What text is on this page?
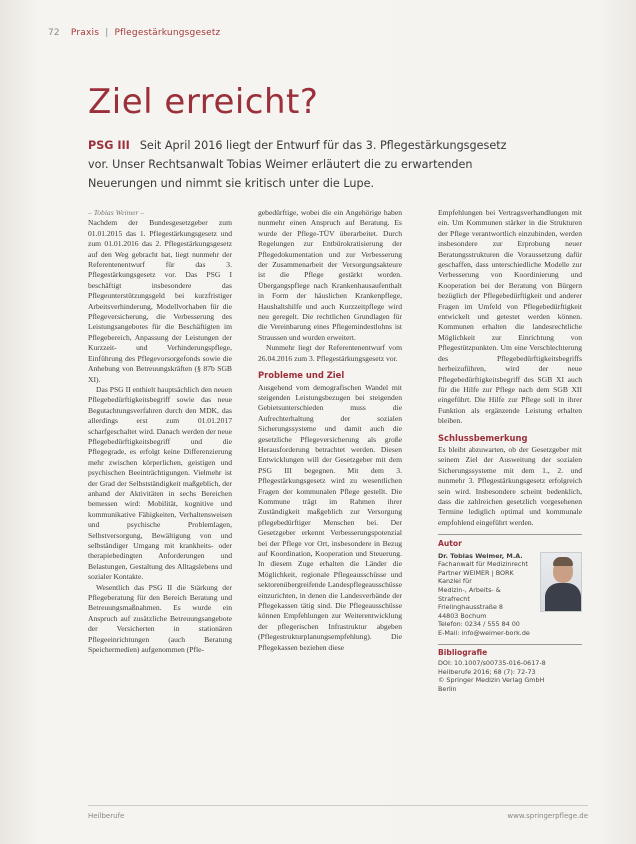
72 Praxis | Pflegestärkungsgesetz
Ziel erreicht?
PSG III Seit April 2016 liegt der Entwurf für das 3. Pflegestärkungsgesetz vor. Unser Rechtsanwalt Tobias Weimer erläutert die zu erwartenden Neuerungen und nimmt sie kritisch unter die Lupe.

– Tobias Weimer –

Nachdem der Bundesgesetzgeber zum 01.01.2015 das 1. Pflegestärkungsgesetz und zum 01.01.2016 das 2. Pflegestärkungsgesetz auf den Weg gebracht hat, liegt nunmehr der Referentenentwurf für das 3. Pflegestärkungsgesetz vor. Das PSG I beschäftigt insbesondere das Pflegeunterstützungsgeld bei kurzfristiger Arbeitsverhinderung, Modellvorhaben für die Pflegeversicherung, die Verbesserung des Leistungsangebotes für die Beschäftigten im Pflegebereich, Anpassung der Leistungen der Kurzzeit- und Verhinderungspflege, Einführung des Pflegevorsorgefonds sowie die Anhebung von Betreuungskräften (§ 87b SGB XI).

Das PSG II enthielt hauptsächlich den neuen Pflegebedürftigkeitsbegriff sowie das neue Begutachtungsverfahren durch den MDK, das allerdings erst zum 01.01.2017 scharfgeschaltet wird. Danach werden der neue Pflegebedürftigkeitsbegriff und die Pflegegrade, es erfolgt keine Differenzierung mehr zwischen körperlichen, geistigen und psychischen Beeinträchtigungen. Vielmehr ist der Grad der Selbstständigkeit maßgeblich, der anhand der Aktivitäten in sechs Bereichen bemessen wird: Mobilität, kognitive und kommunikative Fähigkeiten, Verhaltensweisen und psychische Problemlagen, Selbstversorgung, Bewältigung von und selbständiger Umgang mit krankheits- oder therapiebedingten Anforderungen und Belastungen, Gestaltung des Alltagslebens und sozialer Kontakte.

Wesentlich das PSG II die Stärkung der Pflegeberatung für den Bereich Beratung und Betreuungsmaßnahmen. Es wurde ein Anspruch auf zusätzliche Betreuungsangebote der Versicherten in stationären Pflegeeinrichtungen (auch Beratung Speichermedien) aufgenommen (Pfle-

gebedürftige, wobei die ein Angehörige haben nunmehr einen Anspruch auf Beratung. Es wurde der Pflege-TÜV überarbeitet. Durch Regelungen zur Entbürokratisierung der Pflegedokumentation und zur Verbesserung der Zusammenarbeit der Versorgungsakteure ist die Pflege gestärkt worden. Übergangspflege nach Krankenhausaufenthalt in Form der häuslichen Krankenpflege, Haushaltshilfe und auch Kurzzeitpflege wird neu geregelt. Die rechtlichen Grundlagen für die Vereinbarung eines Pflegemindestlohns ist Straussen und wurden erweitert.

Nunmehr liegt der Referentenentwurf vom 26.04.2016 zum 3. Pflegestärkungsgesetz vor.

Probleme und Ziel

Ausgehend vom demografischen Wandel mit steigenden Leistungsbezugen bei steigenden Gebietsunterschieden muss die Aufrechterhaltung der sozialen Sicherungssysteme und damit auch die gesetzliche Pflegeversicherung als große Herausforderung betrachtet werden. Diesen Entwicklungen will der Gesetzgeber mit dem PSG III begegnen. Mit dem 3. Pflegestärkungsgesetz wird zu wesentlichen Fragen der kommunalen Pflege gestellt. Die Kommune trägt im Rahmen ihrer Zuständigkeit maßgeblich zur Versorgung pflegebedürftiger Menschen bei. Der Gesetzgeber erkennt Verbesserungspotenzial bei der Pflege vor Ort, insbesondere in Bezug auf Koordination, Kooperation und Steuerung. In diesem Zuge erhalten die Länder die Möglichkeit, regionale Pflegeausschüsse und sektorenübergreifende Landespflegeausschüsse einzurichten, in denen die Landesverbände der Pflegekassen tätig sind. Die Pflegeausschüsse können Empfehlungen zur Weiterentwicklung der pflegerischen Infrastruktur abgeben (Pflegestrukturplanungsempfehlung). Die Pflegekassen beziehen diese

Empfehlungen bei Vertragsverhandlungen mit ein. Um Kommunen stärker in die Strukturen der Pflege verantwortlich einzubinden, werden insbesondere zur Erprobung neuer Beratungsstrukturen die Voraussetzung dafür geschaffen, dass unterschiedliche Modelle zur Verbesserung von Koordinierung und Kooperation bei der Beratung von Bürgern bezüglich der Pflegebedürftigkeit und anderer Fragen im Umfeld von Pflegebedürftigkeit entwickelt und getestet werden können. Kommunen erhalten die landesrechtliche Möglichkeit zur Einrichtung von Pflegestützpunkten. Um eine Verschlechterung des Pflegebedürftigkeitsbegriffs herbeizuführen, wird der neue Pflegebedürftigkeitsbegriff des SGB XI auch für die Hilfe zur Pflege nach dem SGB XII eingeführt. Die Hilfe zur Pflege soll in ihrer Funktion als ergänzende Leistung erhalten bleiben.

Schlussbemerkung

Es bleibt abzuwarten, ob der Gesetzgeber mit seinem Ziel der Ausweitung der sozialen Sicherungssysteme mit dem 1., 2. und nunmehr 3. Pflegestärkungsgesetz erfolgreich sein wird. Insbesondere scheint bedenklich, dass die zahlreichen gesetzlich vorgesehenen Termine lediglich optimal und kommunale empfohlend eingeführt werden.

Autor
Dr. Tobias Weimer, M.A.
Fachanwalt für Medizinrecht
Partner WEIMER | BORK Kanzlei für
Medizin-, Arbeits- & Strafrecht
Frielinghausstraße 8
44803 Bochum
Telefon: 0234 / 555 84 00
E-Mail: info@weimer-bork.de
Bibliografie
DOI: 10.1007/s00735-016-0617-8
Heilberufe 2016; 68 (7): 72-73
© Springer Medizin Verlag GmbH
Berlin
Heilberufe	www.springerpflege.de
